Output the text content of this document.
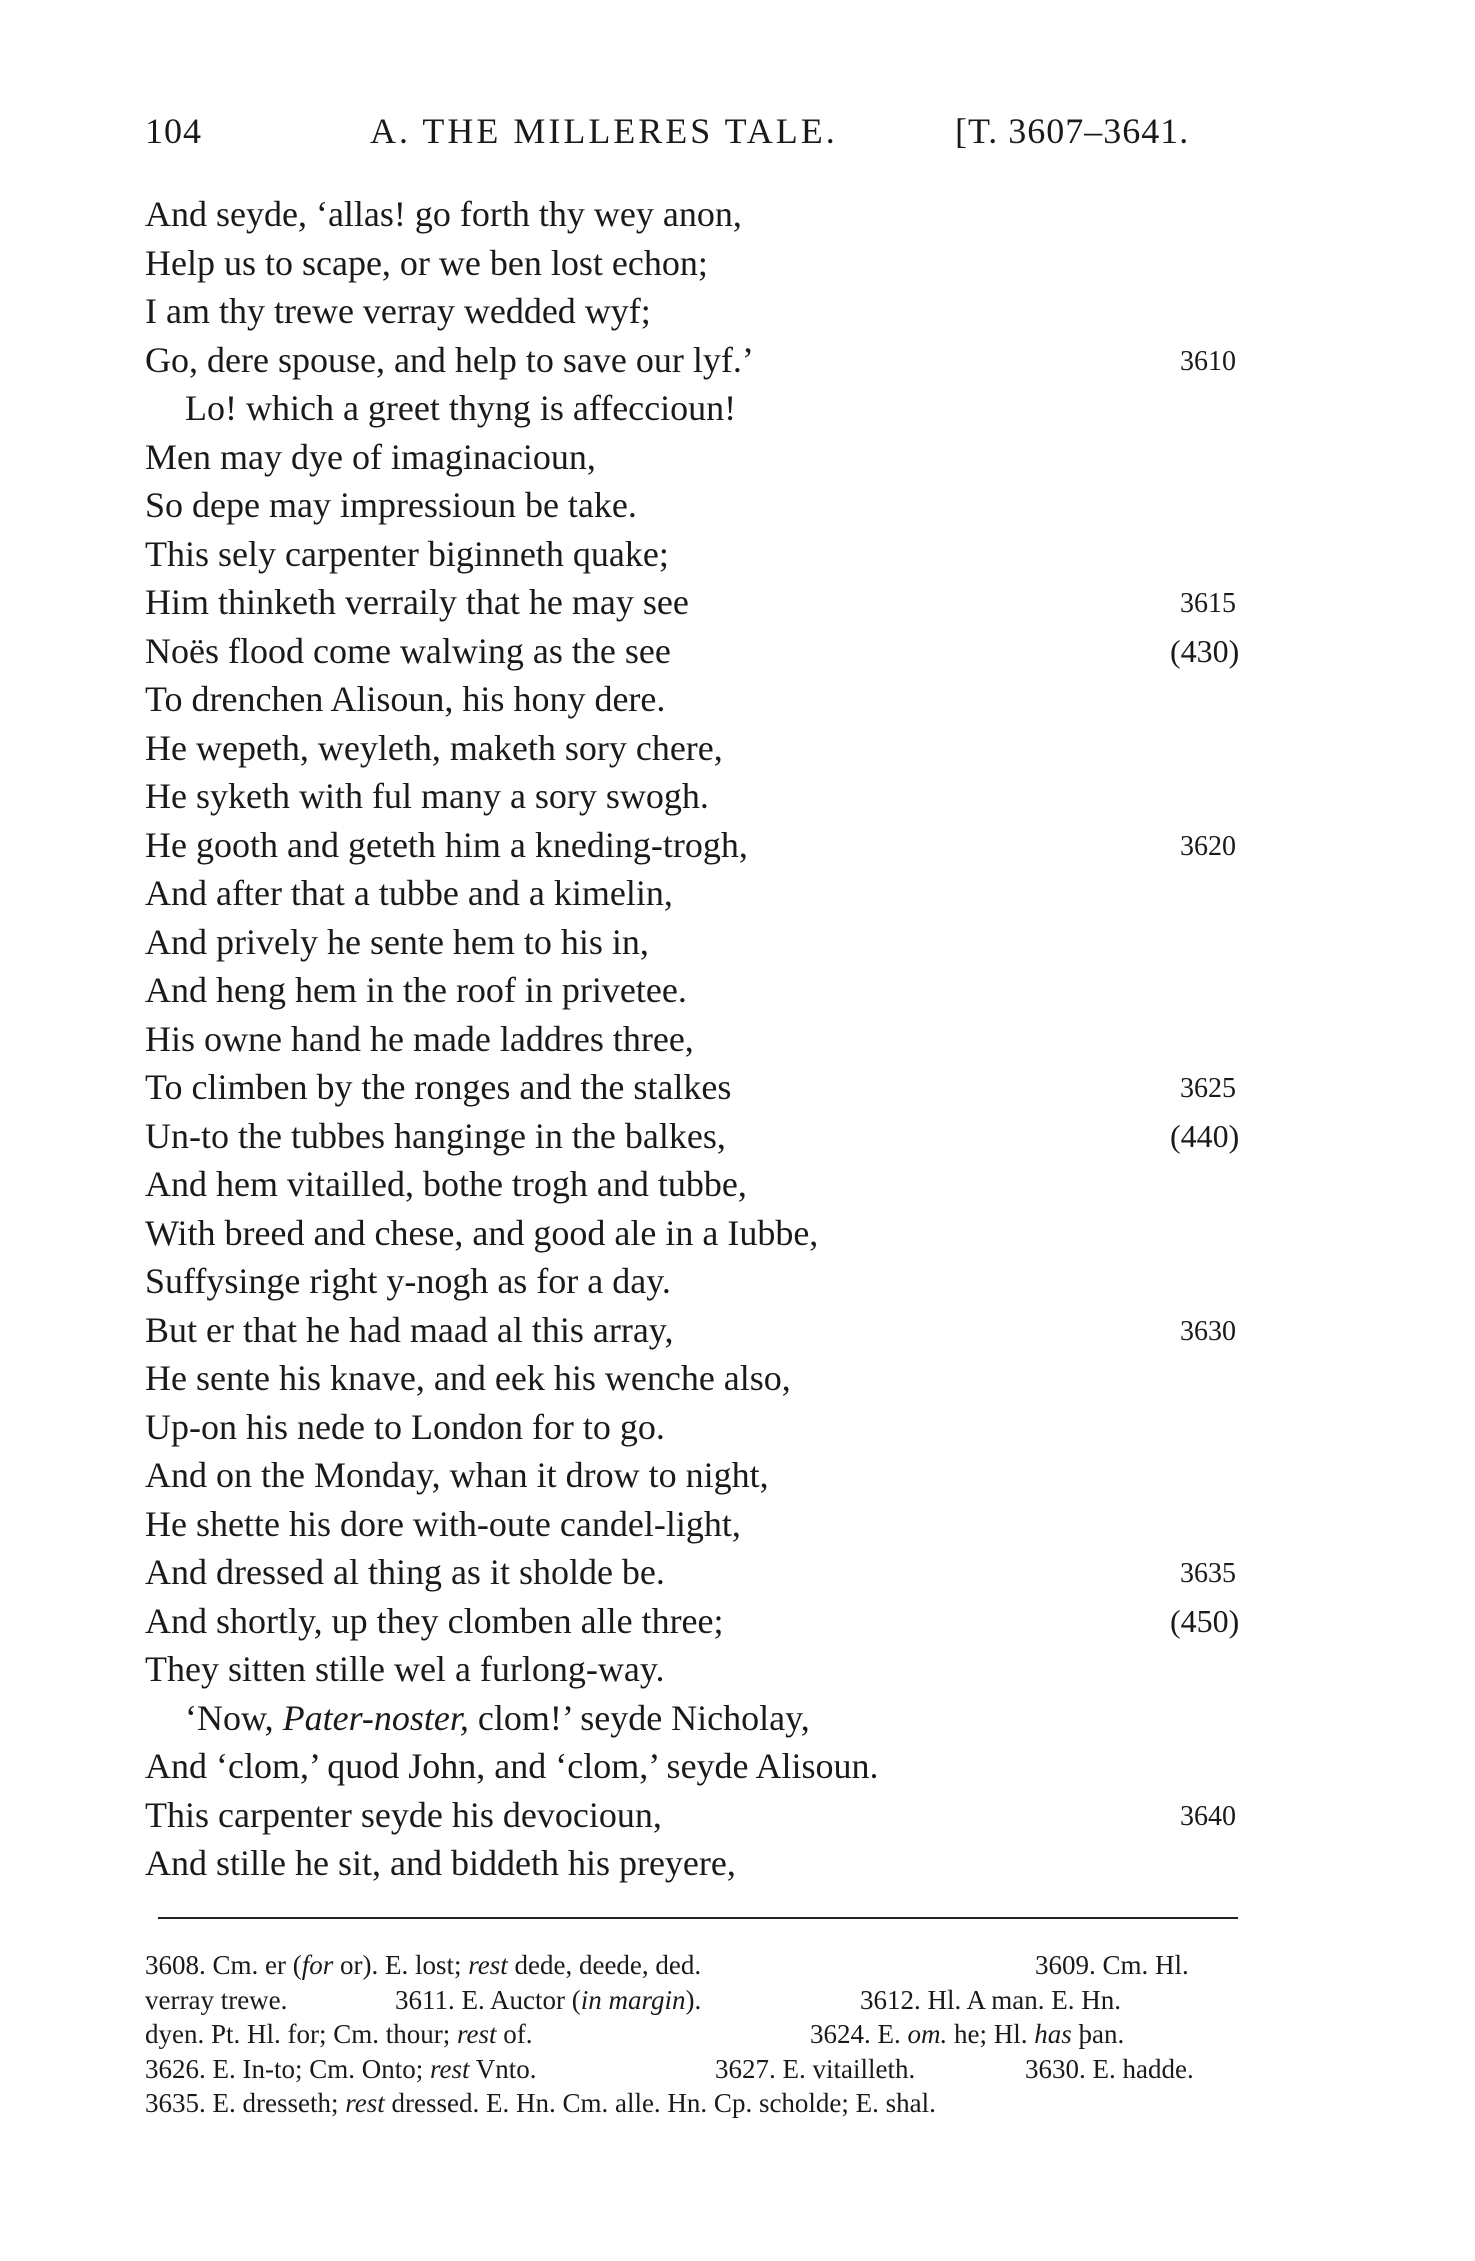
104	A. THE MILLERES TALE.	[T. 3607–3641.
And seyde, ‘allas! go forth thy wey anon,
Help us to scape, or we ben lost echon;
I am thy trewe verray wedded wyf;
Go, dere spouse, and help to save our lyf.’	3610
Lo! which a greet thyng is affeccioun!
Men may dye of imaginacioun,
So depe may impressioun be take.
This sely carpenter biginneth quake;
Him thinketh verraily that he may see	3615
Noës flood come walwing as the see	(430)
To drenchen Alisoun, his hony dere.
He wepeth, weyleth, maketh sory chere,
He syketh with ful many a sory swogh.
He gooth and geteth him a kneding-trogh,	3620
And after that a tubbe and a kimelin,
And prively he sente hem to his in,
And heng hem in the roof in privetee.
His owne hand he made laddres three,
To climben by the ronges and the stalkes	3625
Un-to the tubbes hanginge in the balkes,	(440)
And hem vitailled, bothe trogh and tubbe,
With breed and chese, and good ale in a Iubbe,
Suffysinge right y-nogh as for a day.
But er that he had maad al this array,	3630
He sente his knave, and eek his wenche also,
Up-on his nede to London for to go.
And on the Monday, whan it drow to night,
He shette his dore with-oute candel-light,
And dressed al thing as it sholde be.	3635
And shortly, up they clomben alle three;	(450)
They sitten stille wel a furlong-way.
‘Now, Pater-noster, clom!’ seyde Nicholay,
And ‘clom,’ quod John, and ‘clom,’ seyde Alisoun.
This carpenter seyde his devocioun,	3640
And stille he sit, and biddeth his preyere,
3608. Cm. er (for or). E. lost; rest dede, deede, ded.	3609. Cm. Hl.
verray trewe.	3611. E. Auctor (in margin).	3612. Hl. A man. E. Hn.
dyen. Pt. Hl. for; Cm. thour; rest of.	3624. E. om. he; Hl. has þan.
3626. E. In-to; Cm. Onto; rest Vnto.	3627. E. vitailleth.	3630. E. hadde.
3635. E. dresseth; rest dressed. E. Hn. Cm. alle. Hn. Cp. scholde; E. shal.
